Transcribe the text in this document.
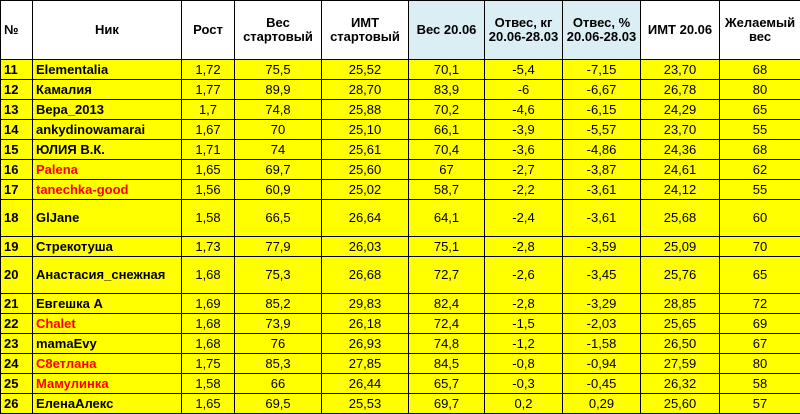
№	Ник	Рост	Вес стартовый	ИМТ стартовый	Вес 20.06	Отвес, кг 20.06-28.03	Отвес, % 20.06-28.03	ИМТ 20.06	Желаемый вес
11	Elementalia	1,72	75,5	25,52	70,1	-5,4	-7,15	23,70	68
12	Камалия	1,77	89,9	28,70	83,9	-6	-6,67	26,78	80
13	Вера_2013	1,7	74,8	25,88	70,2	-4,6	-6,15	24,29	65
14	ankydinowamarai	1,67	70	25,10	66,1	-3,9	-5,57	23,70	55
15	ЮЛИЯ В.К.	1,71	74	25,61	70,4	-3,6	-4,86	24,36	68
16	Palena	1,65	69,7	25,60	67	-2,7	-3,87	24,61	62
17	tanechka-good	1,56	60,9	25,02	58,7	-2,2	-3,61	24,12	55
18	GlJane	1,58	66,5	26,64	64,1	-2,4	-3,61	25,68	60
19	Стрекотуша	1,73	77,9	26,03	75,1	-2,8	-3,59	25,09	70
20	Анастасия_снежная	1,68	75,3	26,68	72,7	-2,6	-3,45	25,76	65
21	Евгешка А	1,69	85,2	29,83	82,4	-2,8	-3,29	28,85	72
22	Chalet	1,68	73,9	26,18	72,4	-1,5	-2,03	25,65	69
23	mamaEvy	1,68	76	26,93	74,8	-1,2	-1,58	26,50	67
24	С8етлана	1,75	85,3	27,85	84,5	-0,8	-0,94	27,59	80
25	Мамулинка	1,58	66	26,44	65,7	-0,3	-0,45	26,32	58
26	ЕленаАлекс	1,65	69,5	25,53	69,7	0,2	0,29	25,60	57
